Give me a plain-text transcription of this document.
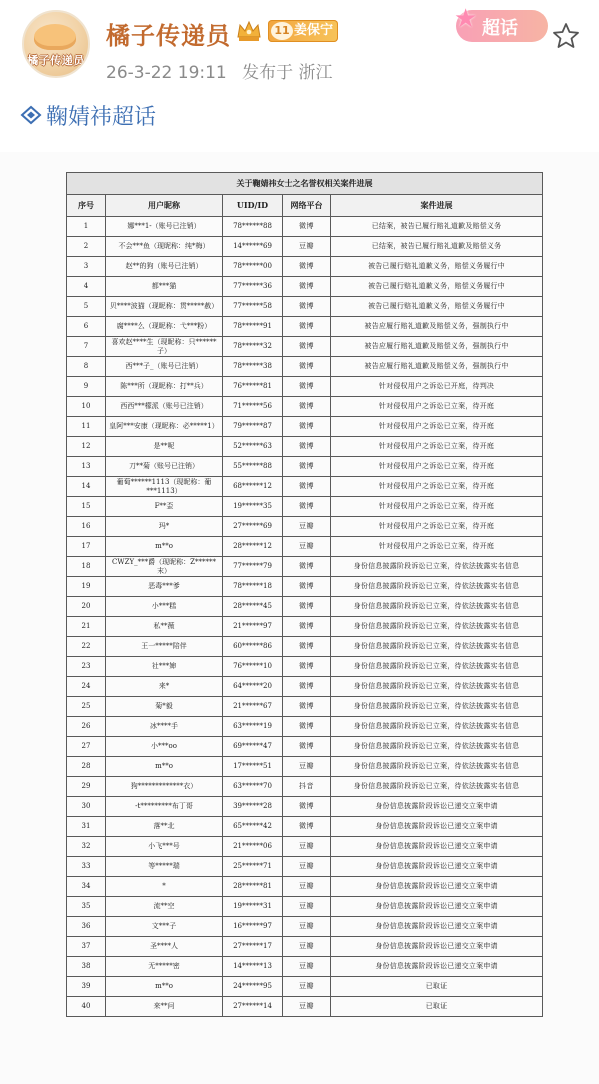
橘子传递员
橘子传递员	11 姜保宁
26-3-22 19:11 发布于 浙江
★ 超话
鞠婧祎超话
关于鞠婧祎女士之名誉权相关案件进展				
序号	用户昵称	UID/ID	网络平台	案件进展
1	娜***1-（账号已注销）	78******88	微博	已结案，被告已履行赔礼道歉及赔偿义务
2	不会***鱼（现昵称：纯*梅）	14******69	豆瓣	已结案，被告已履行赔礼道歉及赔偿义务
3	赵**的狗（账号已注销）	78******00	微博	被告已履行赔礼道歉义务，赔偿义务履行中
4	都***猫	77******36	微博	被告已履行赔礼道歉义务，赔偿义务履行中
5	贝****波猫（现昵称：贯*****赦）	77******58	微博	被告已履行赔礼道歉义务，赔偿义务履行中
6	腐****么（现昵称：弋***粉）	78******91	微博	被告应履行赔礼道歉及赔偿义务，强制执行中
7	喜欢赵****生（现昵称：只******子）	78******32	微博	被告应履行赔礼道歉及赔偿义务，强制执行中
8	西***子_（账号已注销）	78******38	微博	被告应履行赔礼道歉及赔偿义务，强制执行中
9	陈***所（现昵称：打**兵）	76******81	微博	针对侵权用户之诉讼已开庭，待判决
10	西西***檬派（账号已注销）	71******56	微博	针对侵权用户之诉讼已立案，待开庭
11	皇阿***安康（现昵称：必*****1）	79******87	微博	针对侵权用户之诉讼已立案，待开庭
12	是**呢	52******63	微博	针对侵权用户之诉讼已立案，待开庭
13	刀**菊（账号已注销）	55******88	微博	针对侵权用户之诉讼已立案，待开庭
14	葡萄******1113（现昵称：葡***1113）	68******12	微博	针对侵权用户之诉讼已立案，待开庭
15	F**歪	19******35	微博	针对侵权用户之诉讼已立案，待开庭
16	玛*	27******69	豆瓣	针对侵权用户之诉讼已立案，待开庭
17	m**o	28******12	豆瓣	针对侵权用户之诉讼已立案，待开庭
18	CWZY_***爵（现昵称：Z******末）	77******79	微博	身份信息披露阶段诉讼已立案，待依法披露实名信息
19	恶毒***爹	78******18	微博	身份信息披露阶段诉讼已立案，待依法披露实名信息
20	小***糕	28******45	微博	身份信息披露阶段诉讼已立案，待依法披露实名信息
21	私**薇	21******97	微博	身份信息披露阶段诉讼已立案，待依法披露实名信息
22	王一*****陪伴	60******86	微博	身份信息披露阶段诉讼已立案，待依法披露实名信息
23	社***婶	76******10	微博	身份信息披露阶段诉讼已立案，待依法披露实名信息
24	来*	64******20	微博	身份信息披露阶段诉讼已立案，待依法披露实名信息
25	菊*毅	21******67	微博	身份信息披露阶段诉讼已立案，待依法披露实名信息
26	冰****手	63******19	微博	身份信息披露阶段诉讼已立案，待依法披露实名信息
27	小***oo	69******47	微博	身份信息披露阶段诉讼已立案，待依法披露实名信息
28	m**o	17******51	豆瓣	身份信息披露阶段诉讼已立案，待依法披露实名信息
29	狗*************衣）	63******70	抖音	身份信息披露阶段诉讼已立案，待依法披露实名信息
30	-t*********布丁哥	39******28	微博	身份信息披露阶段诉讼已递交立案申请
31	落**北	65******42	微博	身份信息披露阶段诉讼已递交立案申请
32	小飞***号	21******06	豆瓣	身份信息披露阶段诉讼已递交立案申请
33	等*****瑞	25******71	豆瓣	身份信息披露阶段诉讼已递交立案申请
34	*	28******81	豆瓣	身份信息披露阶段诉讼已递交立案申请
35	流**空	19******31	豆瓣	身份信息披露阶段诉讼已递交立案申请
36	文***子	16******97	豆瓣	身份信息披露阶段诉讼已递交立案申请
37	圣****人	27******17	豆瓣	身份信息披露阶段诉讼已递交立案申请
38	无*****密	14******13	豆瓣	身份信息披露阶段诉讼已递交立案申请
39	m**o	24******95	豆瓣	已取证
40	来**问	27******14	豆瓣	已取证
